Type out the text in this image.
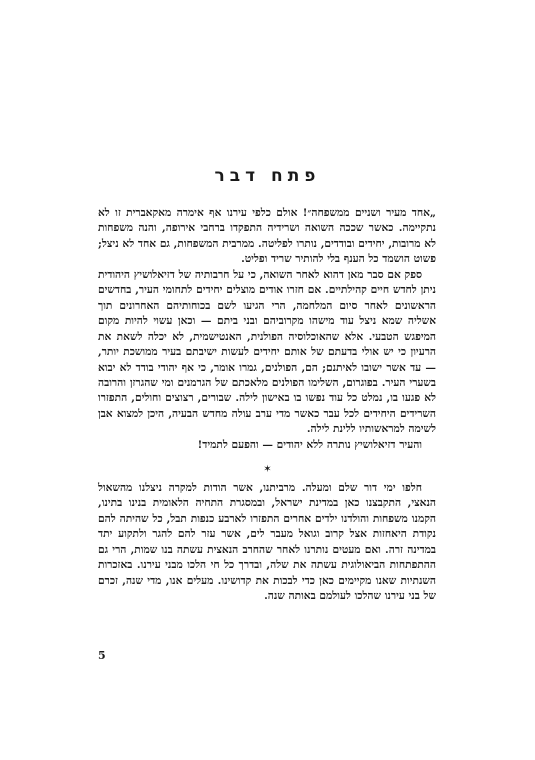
פתח דבר

„אחד מעיר ושניים ממשפחה״! אולם כלפי עירנו אף אימרה מאקאברית זו לא נתקיימה. כאשר שככה השואה ושרידיה התפקדו ברחבי אירופה, והנה משפחות לא מרובות, יחידים ובודדים, נותרו לפליטה. ממרבית המשפחות, גם אחד לא ניצל; פשוט הושמד כל הענף בלי להותיר שריד ופליט.

ספק אם סבר מאן דהוא לאחר השואה, כי על חרבותיה של דזיאלושיץ היהודית ניתן לחדש חיים קהילתיים. אם חזרו אודים מוצלים יחידים לתחומי העיר, בחדשים הראשונים לאחר סיום המלחמה, הרי הגיעו לשם בכוחותיהם האחרונים תוך אשליה שמא ניצל עוד מישהו מקרוביהם ובני ביתם — וכאן עשוי להיות מקום המיפגש הטבעי. אלא שהאוכלוסיה הפולנית, האנטישמית, לא יכלה לשאת את הרעיון כי יש אולי בדעתם של אותם יחידים לעשות ישיבתם בעיר ממושכת יותר, — עד אשר ישובו לאיתנם; הם, הפולנים, גמרו אומר, כי אף יהודי בודד לא יבוא בשערי העיר. בפוגרום, השלימו הפולנים מלאכתם של הגרמנים ומי שהגרזן והרובה לא פגעו בו, נמלט כל עוד נפשו בו באישון לילה. שבורים, רצוצים וחולים, התפזרו השרידים היחידים לכל עבר כאשר מדי ערב עולה מחדש הבעיה, היכן למצוא אבן לשימה למראשותיו ללינת לילה.

והעיר דזיאלושיץ נותרה ללא יהודים — והפעם לתמיד!

✶

חלפו ימי דור שלם ומעלה. מרביתנו, אשר הודות למקרה ניצלנו מהשאול הנאצי, התקבצנו כאן במדינת ישראל, ובמסגרת התחיה הלאומית בנינו בתינו, הקמנו משפחות והולדנו ילדים אחרים התפזרו לארבע כנפות תבל, כל שהיתה להם נקודת היאחזות אצל קרוב וגואל מעבר לים, אשר עזר להם להגר ולתקוע יתד במדינה זרה. ואם מעטים נותרנו לאחר שהחרב הנאצית עשתה בנו שמות, הרי גם ההתפתחות הביאולוגית עשתה את שלה, ובדרך כל חי הלכו מבני עירנו. באזכרות השנתיות שאנו מקיימים כאן כדי לבכות את קדושינו. מעלים אנו, מדי שנה, זכרם של בני עירנו שהלכו לעולמם באותה שנה.

5
